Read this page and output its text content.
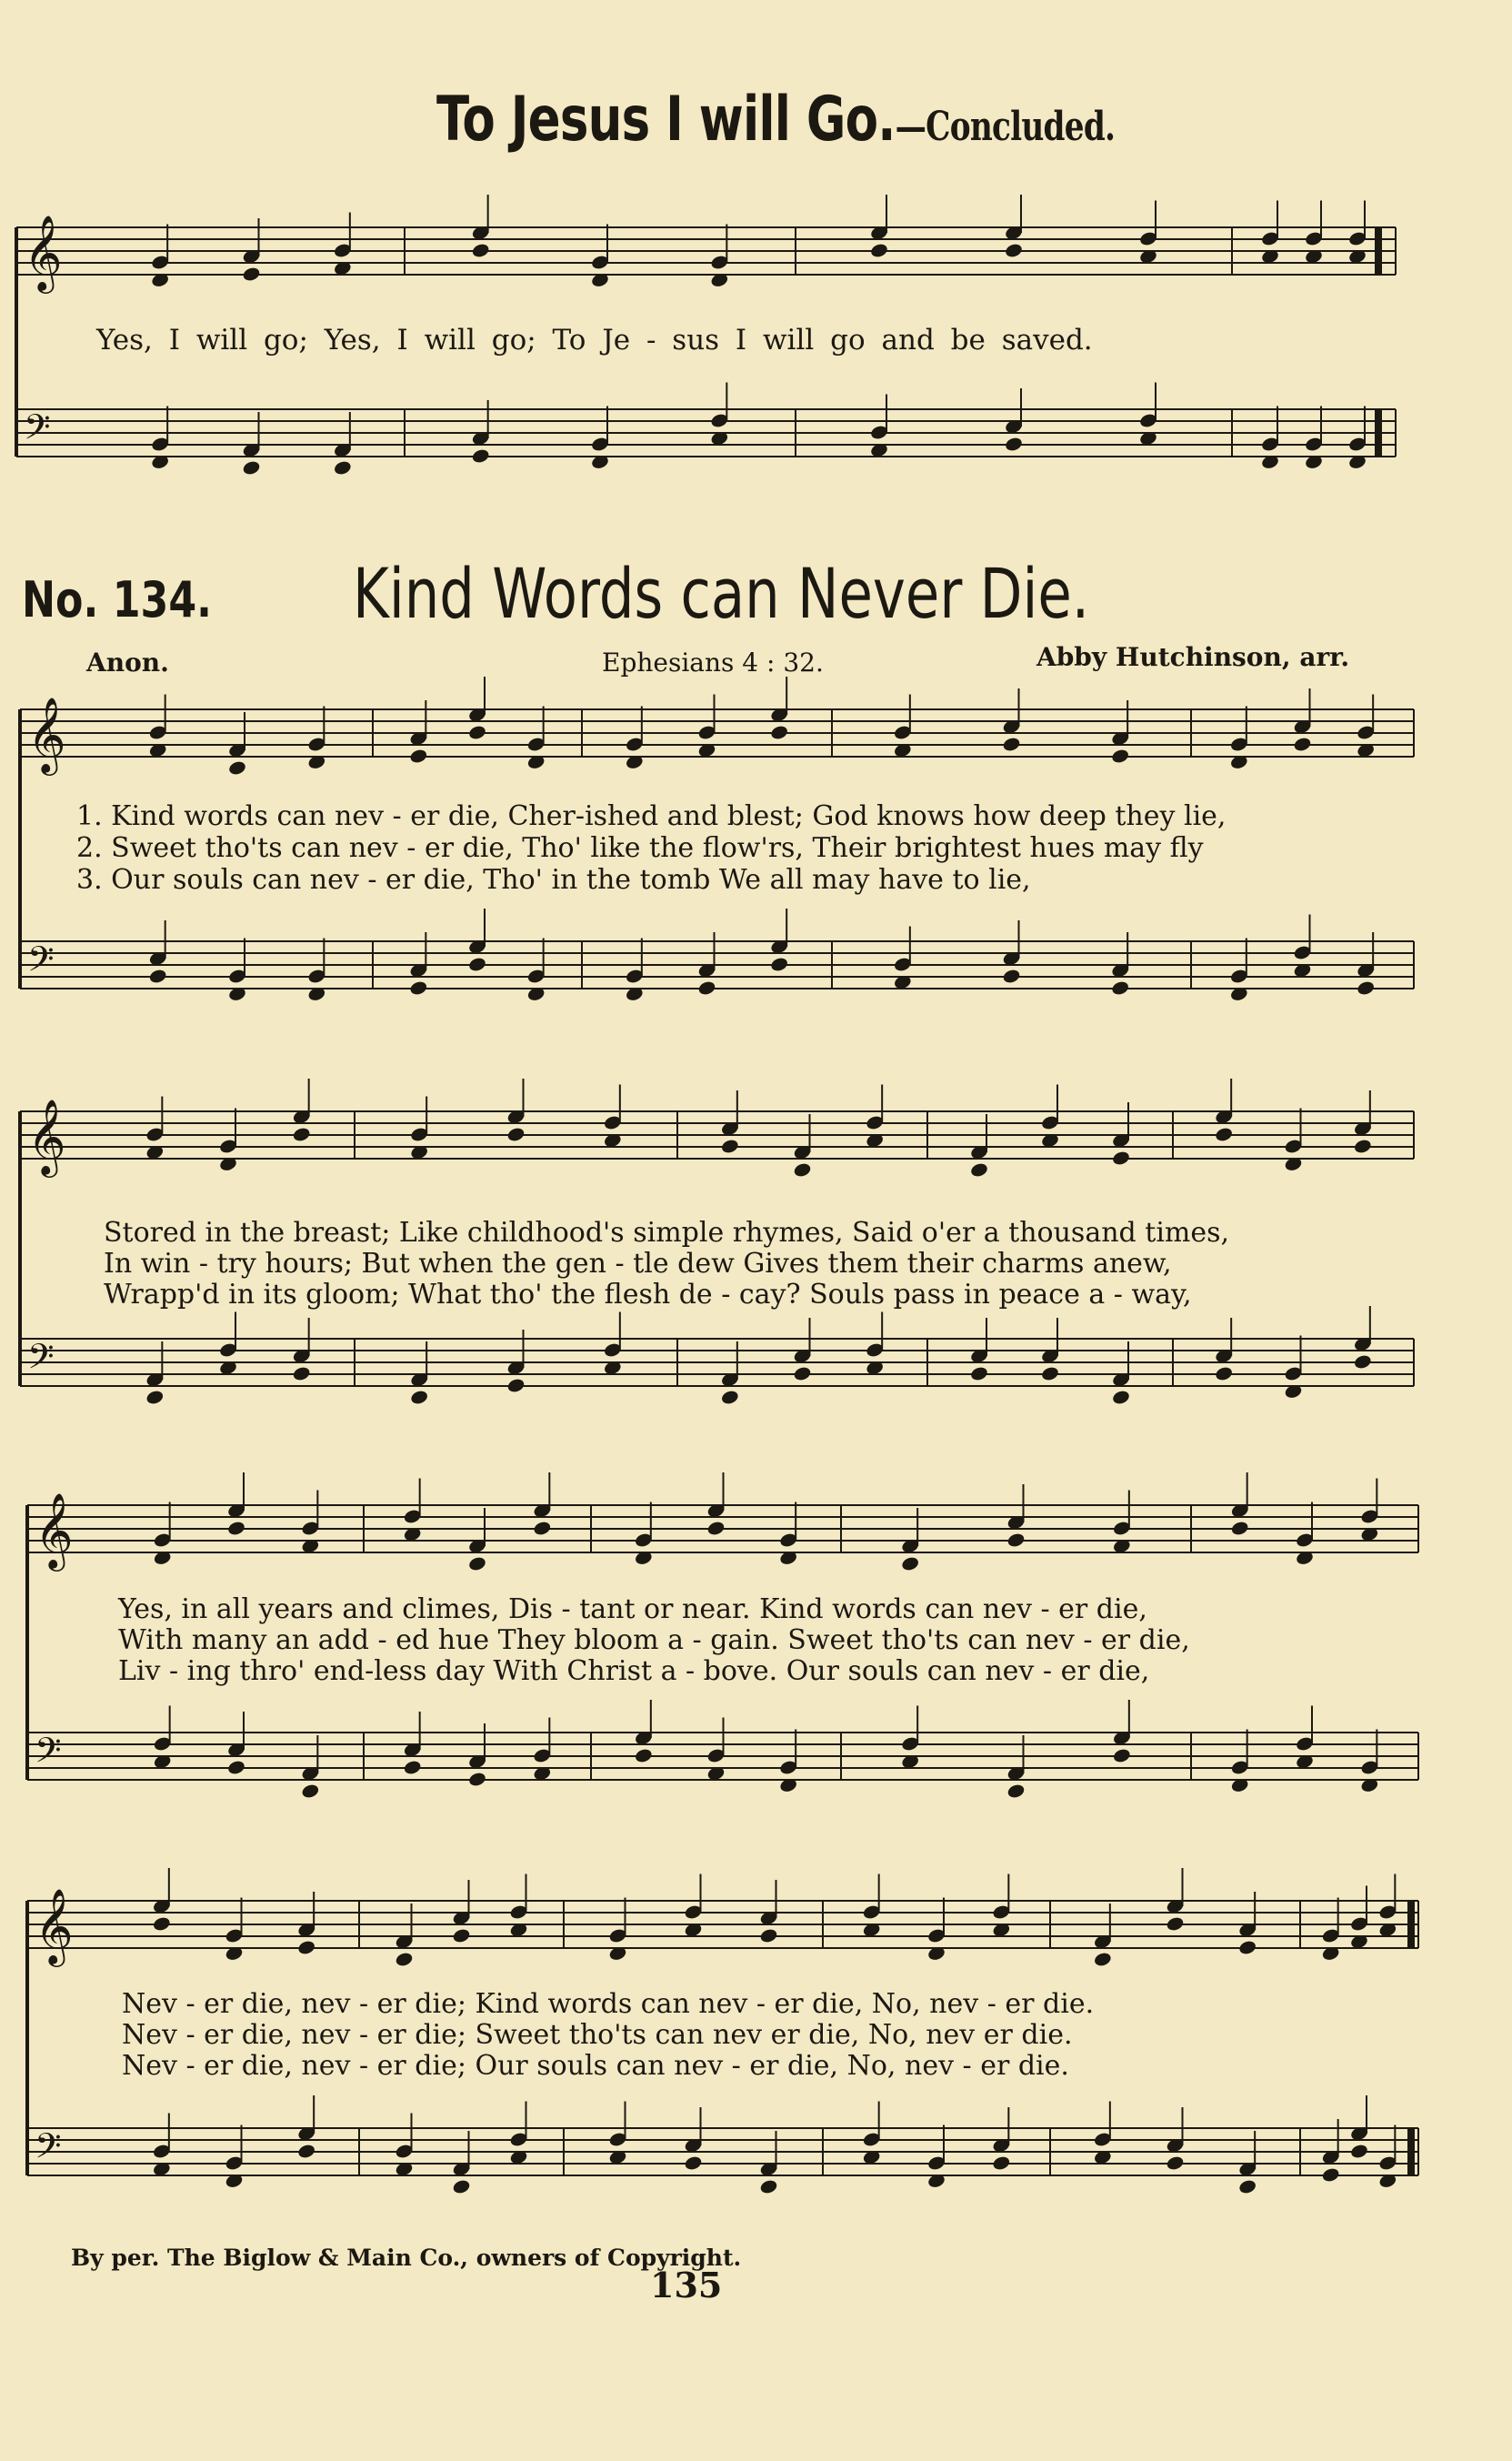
𝄞
𝄢
𝄞
𝄢
𝄞
𝄢
𝄞
𝄢
𝄞
𝄢
To Jesus I will Go.—Concluded.
Yes, I will go; Yes, I will go; To Je - sus I will go and be saved.
No. 134. Kind Words can Never Die.
Anon.	Ephesians 4 : 32.	Abby Hutchinson, arr.
1. Kind words can nev - er die, Cher-ished and blest; God knows how deep they lie,
2. Sweet tho'ts can nev - er die, Tho' like the flow'rs, Their brightest hues may fly
3. Our souls can nev - er die, Tho' in the tomb We all may have to lie,
Stored in the breast; Like childhood's simple rhymes, Said o'er a thousand times,
In win - try hours; But when the gen - tle dew Gives them their charms anew,
Wrapp'd in its gloom; What tho' the flesh de - cay? Souls pass in peace a - way,
Yes, in all years and climes, Dis - tant or near. Kind words can nev - er die,
With many an add - ed hue They bloom a - gain. Sweet tho'ts can nev - er die,
Liv - ing thro' end-less day With Christ a - bove. Our souls can nev - er die,
Nev - er die, nev - er die; Kind words can nev - er die, No, nev - er die.
Nev - er die, nev - er die; Sweet tho'ts can nev er die, No, nev er die.
Nev - er die, nev - er die; Our souls can nev - er die, No, nev - er die.
By per. The Biglow & Main Co., owners of Copyright.
135
